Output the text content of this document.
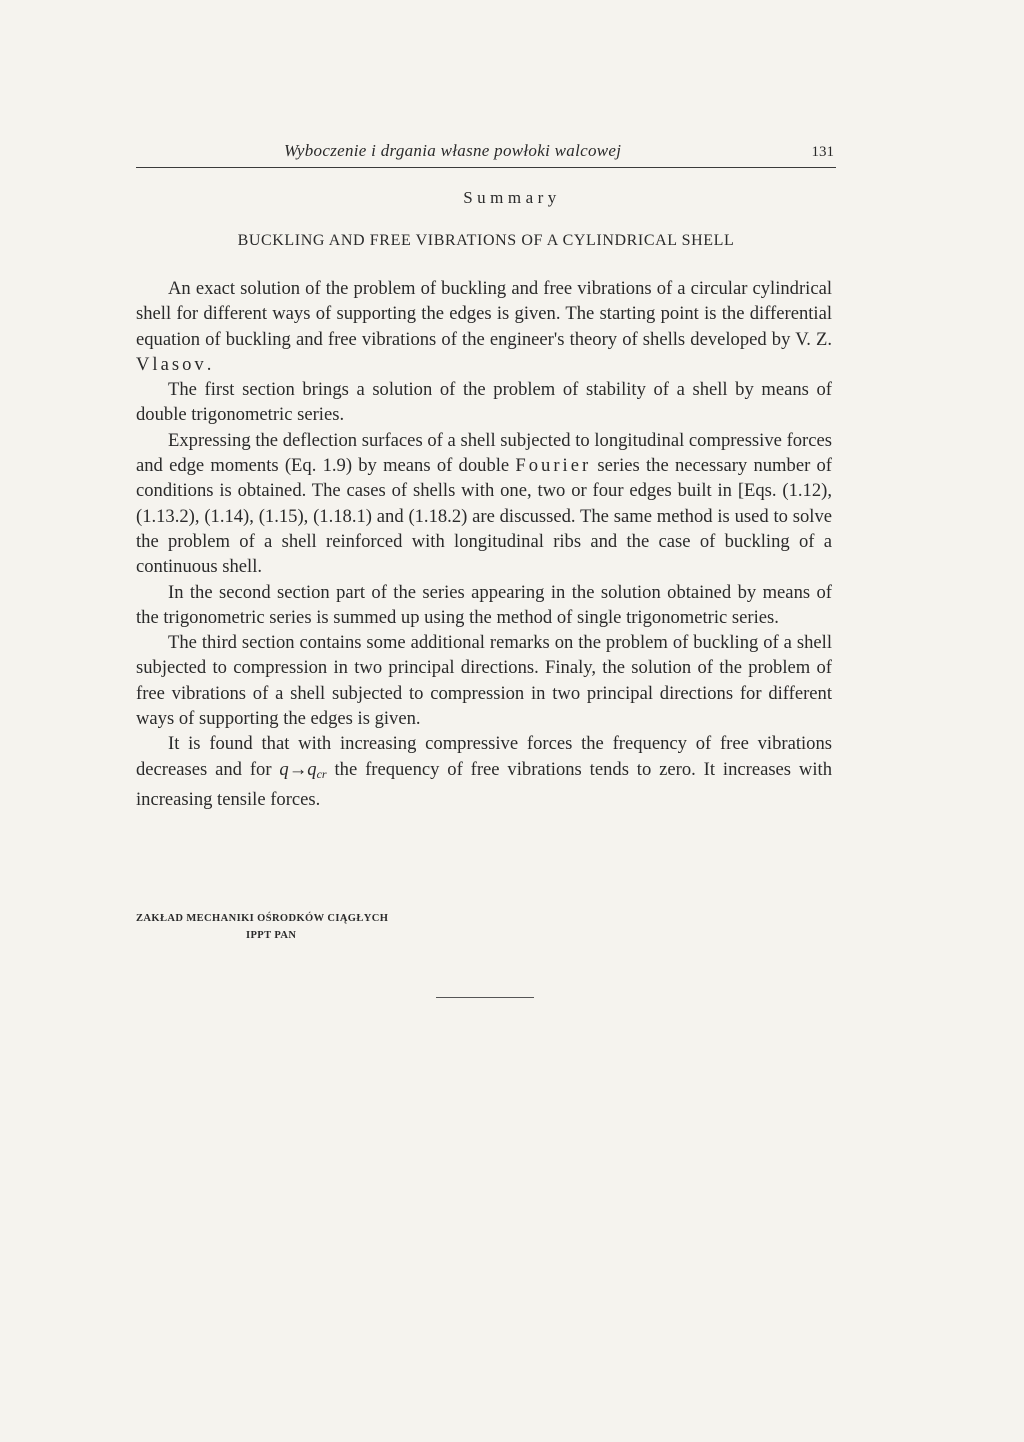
Wyboczenie i drgania własne powłoki walcowej	131
Summary
BUCKLING AND FREE VIBRATIONS OF A CYLINDRICAL SHELL

An exact solution of the problem of buckling and free vibrations of a circular cylindrical shell for different ways of supporting the edges is given. The starting point is the differential equation of buckling and free vibrations of the engineer's theory of shells developed by V. Z. Vlasov.

The first section brings a solution of the problem of stability of a shell by means of double trigonometric series.

Expressing the deflection surfaces of a shell subjected to longitudinal compressive forces and edge moments (Eq. 1.9) by means of double Fourier series the necessary number of conditions is obtained. The cases of shells with one, two or four edges built in [Eqs. (1.12), (1.13.2), (1.14), (1.15), (1.18.1) and (1.18.2) are discussed. The same method is used to solve the problem of a shell reinforced with longitudinal ribs and the case of buckling of a continuous shell.

In the second section part of the series appearing in the solution obtained by means of the trigonometric series is summed up using the method of single trigonometric series.

The third section contains some additional remarks on the problem of buckling of a shell subjected to compression in two principal directions. Finaly, the solution of the problem of free vibrations of a shell subjected to compression in two principal directions for different ways of supporting the edges is given.

It is found that with increasing compressive forces the frequency of free vibrations decreases and for $q\to q_{cr}$ the frequency of free vibrations tends to zero. It increases with increasing tensile forces.

ZAKŁAD MECHANIKI OŚRODKÓW CIĄGŁYCH
IPPT PAN
